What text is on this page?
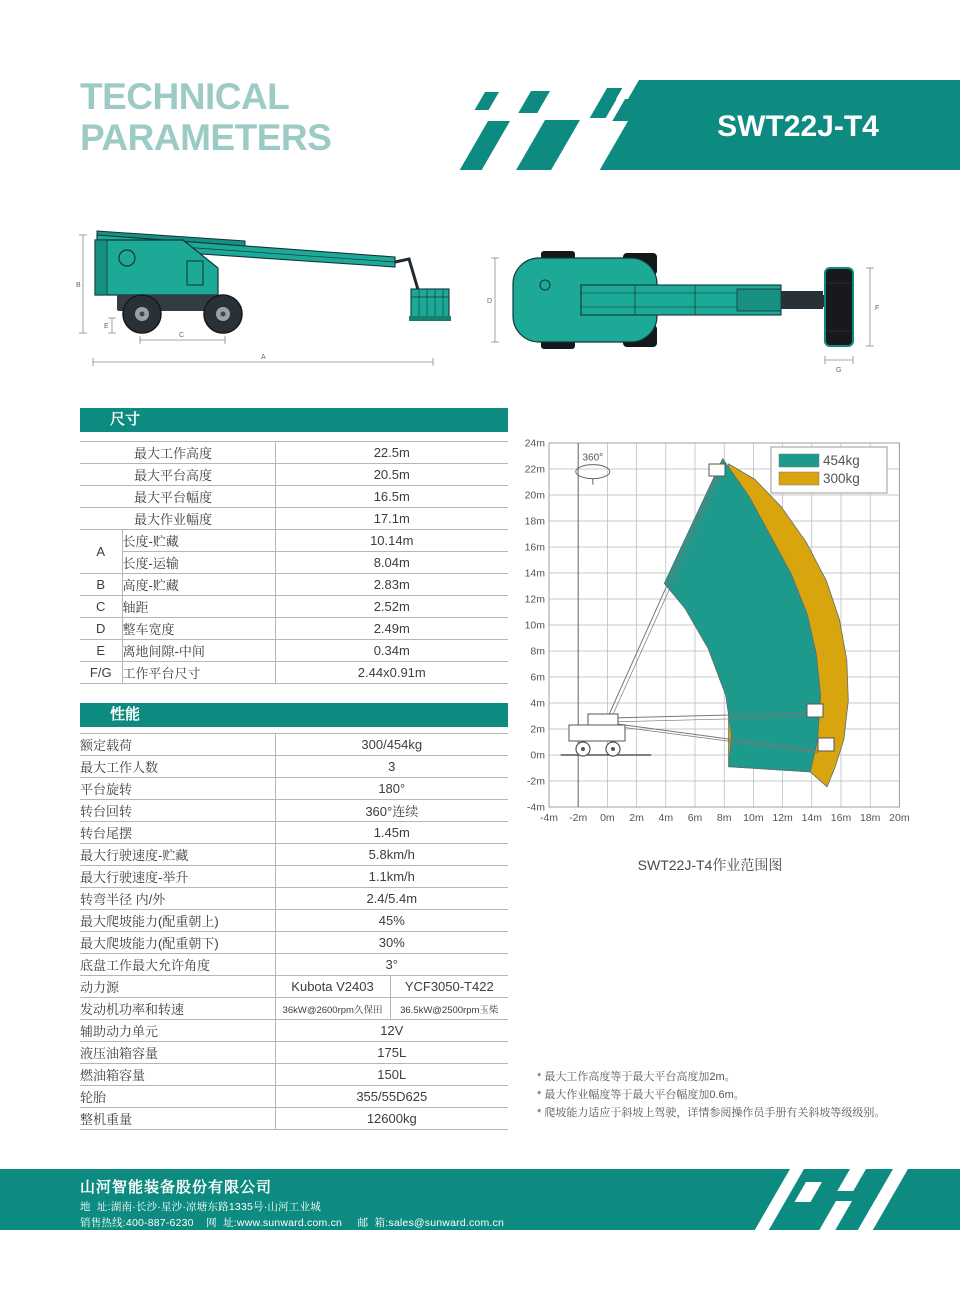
TECHNICAL
PARAMETERS	SWT22J-T4
B
A
C
E
D
F
G
尺寸
性能
最大工作高度		22.5m
最大平台高度		20.5m
最大平台幅度		16.5m
最大作业幅度		17.1m
A	长度-贮藏	10.14m
	长度-运输	8.04m
B	高度-贮藏	2.83m
C	轴距	2.52m
D	整车宽度	2.49m
E	离地间隙-中间	0.34m
F/G	工作平台尺寸	2.44x0.91m
额定载荷	300/454kg	
最大工作人数	3	
平台旋转	180°	
转台回转	360°连续	
转台尾摆	1.45m	
最大行驶速度-贮藏	5.8km/h	
最大行驶速度-举升	1.1km/h	
转弯半径 内/外	2.4/5.4m	
最大爬坡能力(配重朝上)	45%	
最大爬坡能力(配重朝下)	30%	
底盘工作最大允许角度	3°	
动力源	Kubota V2403	YCF3050-T422
发动机功率和转速	36kW@2600rpm久保田	36.5kW@2500rpm玉柴
辅助动力单元	12V	
液压油箱容量	175L	
燃油箱容量	150L	
轮胎	355/55D625	
整机重量	12600kg	
360°	454kg
300kg
24m
22m
20m
18m
16m
14m
12m
10m
8m
6m
4m
2m
0m
-2m
-4m
-4m -2m 0m 2m 4m 6m 8m 10m 12m 14m 16m 18m 20m
SWT22J-T4作业范围图
* 最大工作高度等于最大平台高度加2m。
* 最大作业幅度等于最大平台幅度加0.6m。
* 爬坡能力适应于斜坡上驾驶，详情参阅操作员手册有关斜坡等级级别。
山河智能装备股份有限公司
地  址:湖南·长沙·星沙·凉塘东路1335号·山河工业城
销售热线:400-887-6230    网  址:www.sunward.com.cn     邮  箱:sales@sunward.com.cn
